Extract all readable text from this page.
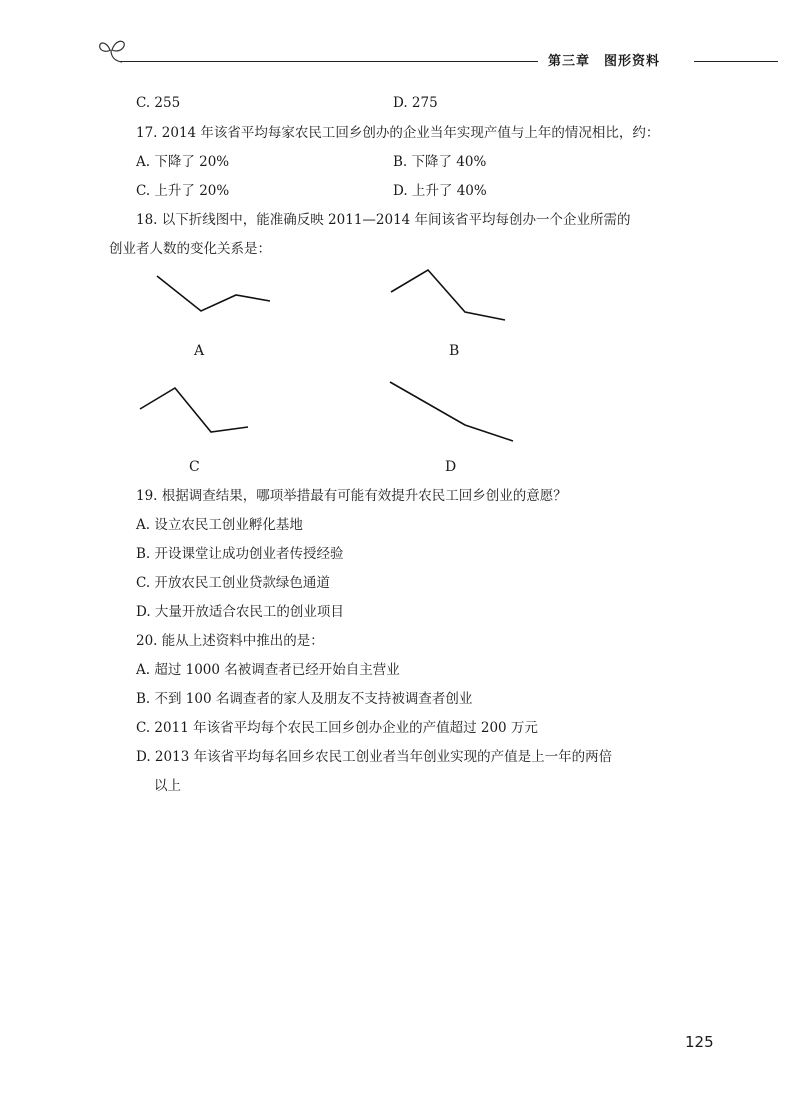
第三章 图形资料
C. 255	D. 275
17. 2014 年该省平均每家农民工回乡创办的企业当年实现产值与上年的情况相比，约：
A. 下降了 20%	B. 下降了 40%
C. 上升了 20%	D. 上升了 40%
18. 以下折线图中，能准确反映 2011—2014 年间该省平均每创办一个企业所需的
创业者人数的变化关系是：
A	B
C	D
19. 根据调查结果，哪项举措最有可能有效提升农民工回乡创业的意愿？
A. 设立农民工创业孵化基地
B. 开设课堂让成功创业者传授经验
C. 开放农民工创业贷款绿色通道
D. 大量开放适合农民工的创业项目
20. 能从上述资料中推出的是：
A. 超过 1000 名被调查者已经开始自主营业
B. 不到 100 名调查者的家人及朋友不支持被调查者创业
C. 2011 年该省平均每个农民工回乡创办企业的产值超过 200 万元
D. 2013 年该省平均每名回乡农民工创业者当年创业实现的产值是上一年的两倍
以上
125
